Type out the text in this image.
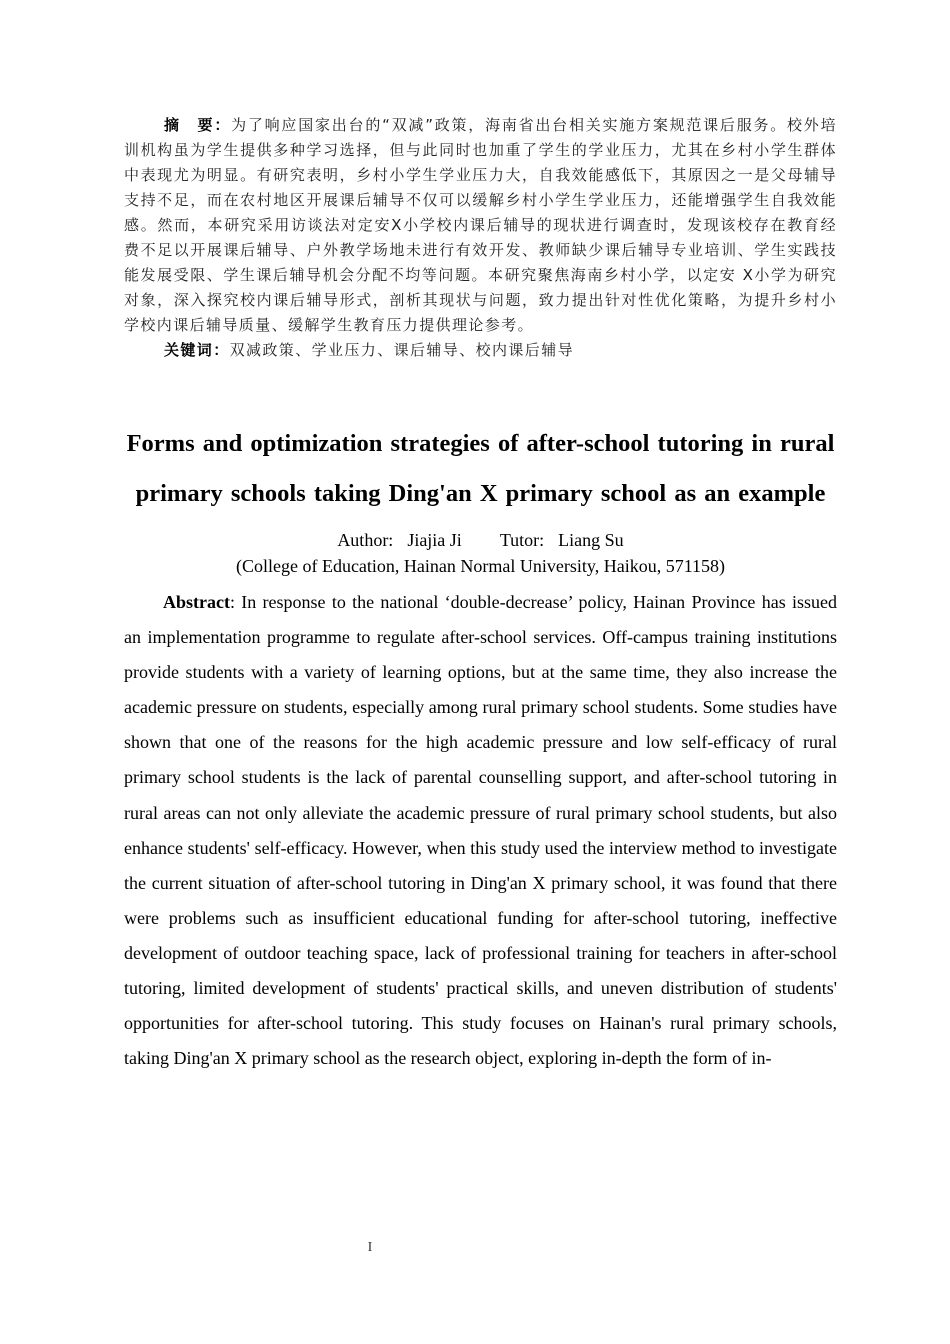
摘　要：为了响应国家出台的“双减”政策，海南省出台相关实施方案规范课后服务。校外培训机构虽为学生提供多种学习选择，但与此同时也加重了学生的学业压力，尤其在乡村小学生群体中表现尤为明显。有研究表明，乡村小学生学业压力大，自我效能感低下，其原因之一是父母辅导支持不足，而在农村地区开展课后辅导不仅可以缓解乡村小学生学业压力，还能增强学生自我效能感。然而，本研究采用访谈法对定安X小学校内课后辅导的现状进行调查时，发现该校存在教育经费不足以开展课后辅导、户外教学场地未进行有效开发、教师缺少课后辅导专业培训、学生实践技能发展受限、学生课后辅导机会分配不均等问题。本研究聚焦海南乡村小学，以定安 X小学为研究对象，深入探究校内课后辅导形式，剖析其现状与问题，致力提出针对性优化策略，为提升乡村小学校内课后辅导质量、缓解学生教育压力提供理论参考。

关键词：双减政策、学业压力、课后辅导、校内课后辅导

Forms and optimization strategies of after-school tutoring in rural primary schools taking Ding'an X primary school as an example
Author: Jiajia Ji Tutor: Liang Su
(College of Education, Hainan Normal University, Haikou, 571158)

Abstract: In response to the national ‘double-decrease’ policy, Hainan Province has issued an implementation programme to regulate after-school services. Off-campus training institutions provide students with a variety of learning options, but at the same time, they also increase the academic pressure on students, especially among rural primary school students. Some studies have shown that one of the reasons for the high academic pressure and low self-efficacy of rural primary school students is the lack of parental counselling support, and after-school tutoring in rural areas can not only alleviate the academic pressure of rural primary school students, but also enhance students' self-efficacy. However, when this study used the interview method to investigate the current situation of after-school tutoring in Ding'an X primary school, it was found that there were problems such as insufficient educational funding for after-school tutoring, ineffective development of outdoor teaching space, lack of professional training for teachers in after-school tutoring, limited development of students' practical skills, and uneven distribution of students' opportunities for after-school tutoring. This study focuses on Hainan's rural primary schools, taking Ding'an X primary school as the research object, exploring in-depth the form of in-

I
